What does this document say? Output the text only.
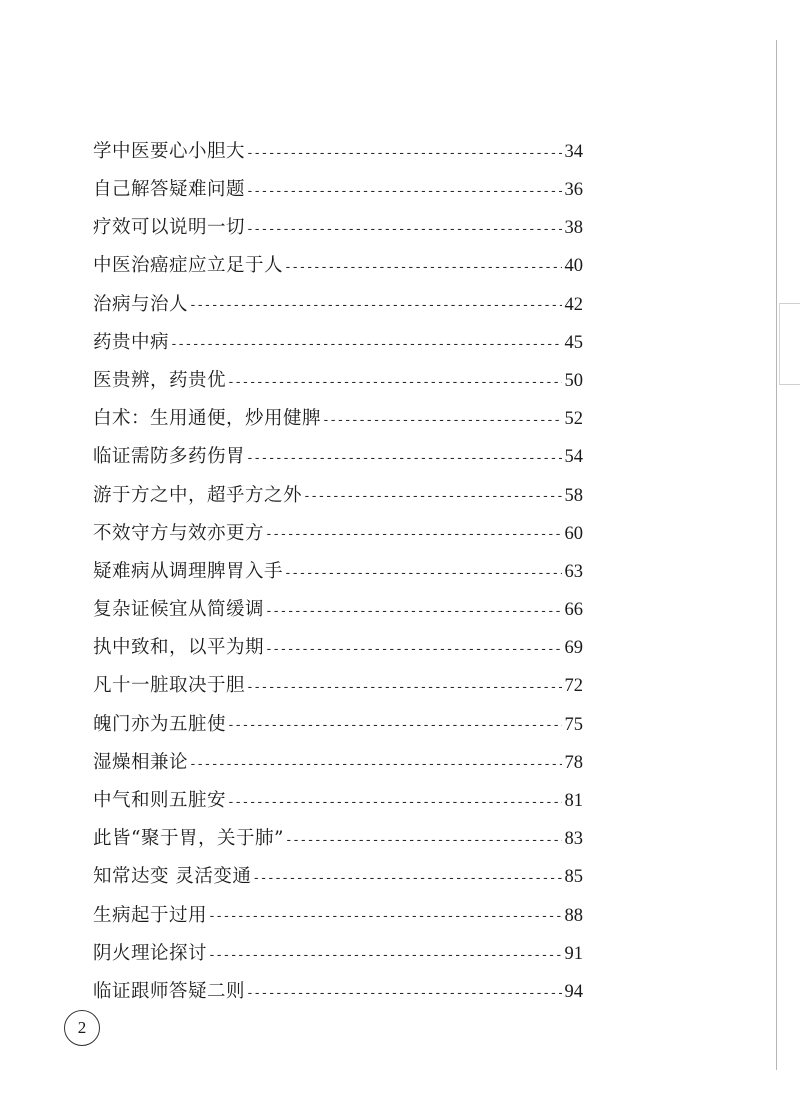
学中医要心小胆大 -----	34
自己解答疑难问题 -----	36
疗效可以说明一切 -----	38
中医治癌症应立足于人 -----	40
治病与治人 -----	42
药贵中病 -----	45
医贵辨，药贵优 -----	50
白术：生用通便，炒用健脾 -----	52
临证需防多药伤胃 -----	54
游于方之中，超乎方之外 -----	58
不效守方与效亦更方 -----	60
疑难病从调理脾胃入手 -----	63
复杂证候宜从简缓调 -----	66
执中致和，以平为期 -----	69
凡十一脏取决于胆 -----	72
魄门亦为五脏使 -----	75
湿燥相兼论 -----	78
中气和则五脏安 -----	81
此皆“聚于胃，关于肺” -----	83
知常达变 灵活变通 -----	85
生病起于过用 -----	88
阴火理论探讨 -----	91
临证跟师答疑二则 -----	94
2
